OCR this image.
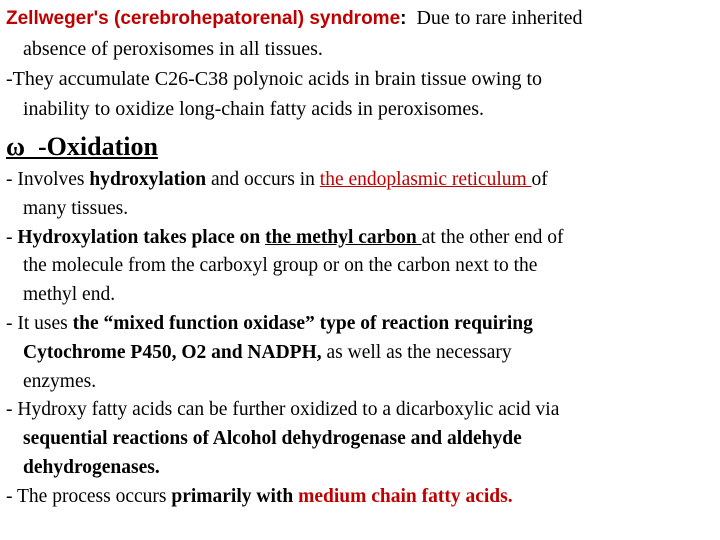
Zellweger's (cerebrohepatorenal) syndrome:  Due to rare inherited
absence of peroxisomes in all tissues.
-They accumulate C26-C38 polynoic acids in brain tissue owing to
inability to oxidize long-chain fatty acids in peroxisomes.
ω  -Oxidation
- Involves hydroxylation and occurs in the endoplasmic reticulum of
many tissues.
- Hydroxylation takes place on the methyl carbon at the other end of
the molecule from the carboxyl group or on the carbon next to the
methyl end.
- It uses the “mixed function oxidase” type of reaction requiring
Cytochrome P450, O2 and NADPH, as well as the necessary
enzymes.
- Hydroxy fatty acids can be further oxidized to a dicarboxylic acid via
sequential reactions of Alcohol dehydrogenase and aldehyde
dehydrogenases.
- The process occurs primarily with medium chain fatty acids.
